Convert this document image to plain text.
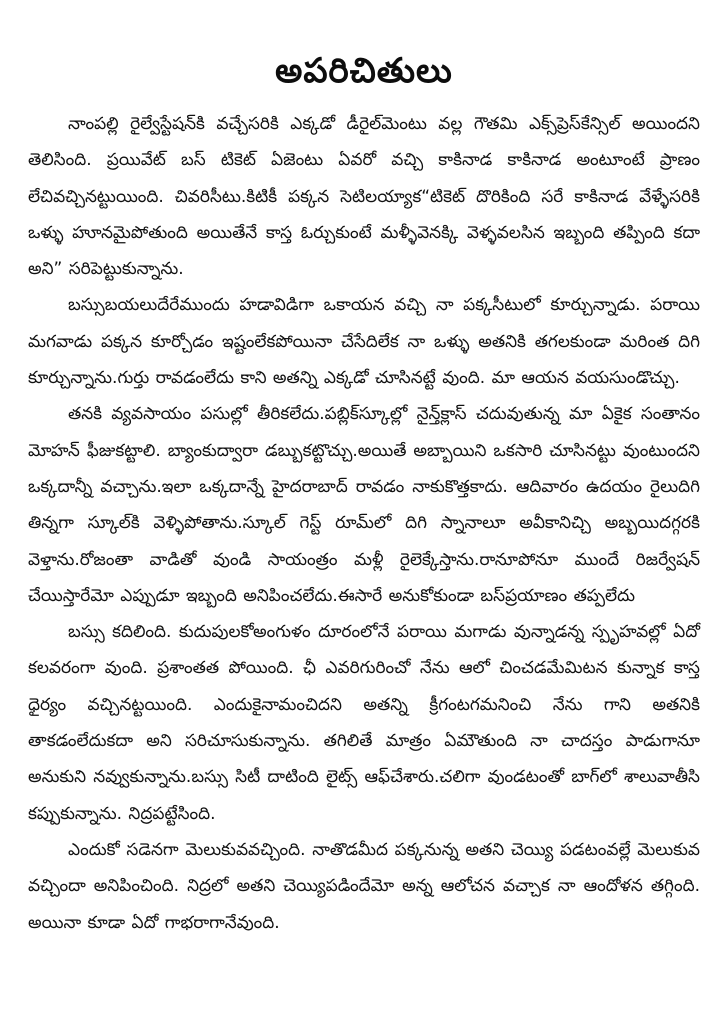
అపరిచితులు

నాంపల్లి రైల్వేస్టేషన్‌కి వచ్చేసరికి ఎక్కడో డీరైల్‌మెంటు వల్ల గౌతమి ఎక్స్‌ప్రెస్‌కేన్సిల్ అయిందని తెలిసింది. ప్రయివేట్ బస్ టికెట్ ఏజెంటు ఏవరో వచ్చి కాకినాడ కాకినాడ అంటూంటే ప్రాణం లేచివచ్చినట్టుయింది. చివరిసీటు.కిటికీ పక్కన సెటిలయ్యాక“టికెట్ దొరికింది సరే కాకినాడ వేళ్ళేసరికి ఒళ్ళు హూనమైపోతుంది అయితేనే కాస్త ఓర్చుకుంటే మళ్ళీవెనక్కి వెళ్ళవలసిన ఇబ్బంది తప్పింది కదా అని” సరిపెట్టుకున్నాను.

బస్సుబయలుదేరేముందు హడావిడిగా ఒకాయన వచ్చి నా పక్కసీటులో కూర్చున్నాడు. పరాయి మగవాడు పక్కన కూర్చోడం ఇష్టంలేకపోయినా చేసేదిలేక నా ఒళ్ళు అతనికి తగలకుండా మరింత దిగి కూర్చున్నాను.గుర్తు రావడంలేదు కాని అతన్ని ఎక్కడో చూసినట్టే వుంది. మా ఆయన వయసుండొచ్చు.

తనకి వ్యవసాయం పసుల్లో తీరికలేదు.పబ్లిక్‌స్కూల్లో నైన్త్‌క్లాస్ చదువుతున్న మా ఏకైక సంతానం మోహన్ ఫీజుకట్టాలి. బ్యాంకుద్వారా డబ్బుకట్టొచ్చు.అయితే అబ్బాయిని ఒకసారి చూసినట్టు వుంటుందని ఒక్కదాన్నీ వచ్చాను.ఇలా ఒక్కదాన్నే హైదరాబాద్ రావడం నాకుకొత్తకాదు. ఆదివారం ఉదయం రైలుదిగి తిన్నగా స్కూల్‌కి వెళ్ళిపోతాను.స్కూల్ గెస్ట్ రూమ్‌లో దిగి స్నానాలూ అవీకానిచ్చి అబ్బయిదగ్గరకి వెళ్తాను.రోజంతా వాడితో వుండి సాయంత్రం మళ్లీ రైలెక్కేస్తాను.రానూపోనూ ముందే రిజర్వేషన్ చేయిస్తారేమో ఎప్పుడూ ఇబ్బంది అనిపించలేదు.ఈసారే అనుకోకుండా బస్‌ప్రయాణం తప్పలేదు

బస్సు కదిలింది. కుదుపులకోఅంగుళం దూరంలోనే పరాయి మగాడు వున్నాడన్న స్పృహవల్లో ఏదో కలవరంగా వుంది. ప్రశాంతత పోయింది. ఛీ ఎవరిగురించో నేను ఆలో చించడమేమిటన కున్నాక కాస్త ధైర్యం వచ్చినట్టయింది. ఎందుకైనామంచిదని అతన్ని క్రీగంటగమనించి నేను గాని అతనికి తాకడంలేదుకదా అని సరిచూసుకున్నాను. తగిలితే మాత్రం ఏమౌతుంది నా చాదస్తం పాడుగానూ అనుకుని నవ్వుకున్నాను.బస్సు సిటీ దాటింది లైట్స్ ఆఫ్‌చేశారు.చలిగా వుండటంతో బాగ్‌లో శాలువాతీసి కప్పుకున్నాను. నిద్రపట్టేసింది.

ఎందుకో సడెనగా మెలుకువవచ్చింది. నాతొడమీద పక్కనున్న అతని చెయ్యి పడటంవల్లే మెలుకువ వచ్చిందా అనిపించింది. నిద్రలో అతని చెయ్యిపడిందేమో అన్న ఆలోచన వచ్చాక నా ఆందోళన తగ్గింది. అయినా కూడా ఏదో గాభరాగానేవుంది.
